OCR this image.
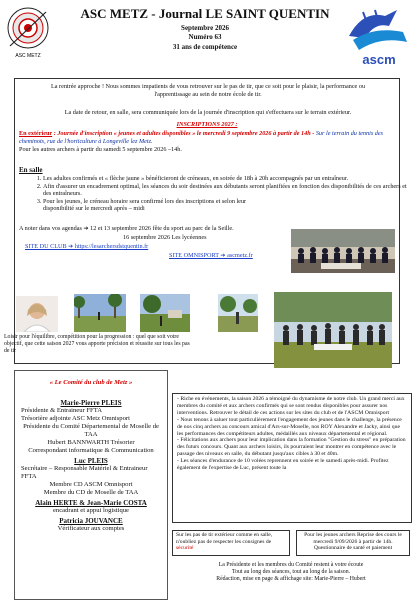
ASC METZ
ASC METZ - Journal LE SAINT QUENTIN
Septembre 2026
Numéro 63
31 ans de compétence
ascm
La rentrée approche ! Nous sommes impatients de vous retrouver sur le pas de tir, que ce soit pour le plaisir, la performance ou l'apprentissage au sein de notre école de tir.
La date de retour, en salle, sera communiquée lors de la journée d'inscription qui s'effectuera sur le terrain extérieur.
INSCRIPTIONS 2027 :
En extérieur : Journée d'inscription « jeunes et adultes disponibles » le mercredi 9 septembre 2026 à partir de 14h - Sur le terrain du tennis des cheminots, rue de l'horticulture à Longeville lez Metz.
Pour les autres archers à partir du samedi 5 septembre 2026 –14h.
En salle
1. Les adultes confirmés et « flèche jaune » bénéficieront de créneaux, en soirée de 18h à 20h accompagnés par un entraîneur.
2. Afin d'assurer un encadrement optimal, les séances du soir destinées aux débutants seront planifiées en fonction des disponibilités de ces archers et des entraîneurs.
3. Pour les jeunes, le créneau horaire sera confirmé lors des inscriptions et selon leur disponibilité sur le mercredi après – midi
A noter dans vos agendas ➔ 12 et 13 septembre 2026 fête du sport au parc de la Seille.
16 septembre 2026 Les lycéennes
SITE DU CLUB ➔ https://lesarchersdstquentin.fr
SITE OMNISPORT ➔ ascmetz.fr
Loisir pour l'équilibre, compétition pour la progression : quel que soit votre objectif, que cette saison 2027 vous apporte précision et réussite sur tous les pas de tir
« Le Comité du club de Metz »
Marie-Pierre PLEIS
Présidente & Entraineur FFTA
Trésorière adjointe ASC Metz Omnisport
Présidente du Comité Départemental de Moselle de TAA
Hubert BANNWARTH Trésorier
Correspondant informatique & Communication
Luc PLEIS
Secrétaire – Responsable Matériel & Entraineur FFTA
Membre CD ASCM Omnisport
Membre du CD de Moselle de TAA
Alain HERTE & Jean-Marie COSTA
encadrant et appui logistique
Patricia JOUVANCE
Vérificateur aux comptes
- Riche en événements, la saison 2026 a témoigné du dynamisme de notre club. Un grand merci aux membres du comité et aux archers confirmés qui se sont rendus disponibles pour assurer nos interventions. Retrouver le détail de ces actions sur les sites du club et de l'ASCM Omnisport
- Nous tenons à saluer tout particulièrement l'engagement des jeunes dans le challenge, la présence de nos cinq archers au concours amical d'Ars-sur-Moselle, nos ROY Alexandre et Jacky, ainsi que les performances des compétiteurs adultes, médaillés aux niveaux départemental et régional.
- Félicitations aux archers pour leur implication dans la formation "Gestion du stress" en préparation des futurs concours. Quant aux archers loisirs, ils pourraient leur montrer en compétence avec le passage des niveaux en salle, du débutant jusqu'aux cibles à 30 et 40m.
- Les séances d'endurance de 10 volées reprennent en soirée et le samedi après-midi. Profitez également de l'expertise de Luc, présent toute la
Sur les pas de tir extérieur comme en salle, n'oubliez pas de respecter les consignes de sécurité
Pour les jeunes archers Reprise des cours le mercredi 9/09/2026 à partir de 14h. Questionnaire de santé et paiement
La Présidente et les membres du Comité restent à votre écoute
Tout au long des séances, tout au long de la saison.
Rédaction, mise en page & affichage site: Marie-Pierre – Hubert
